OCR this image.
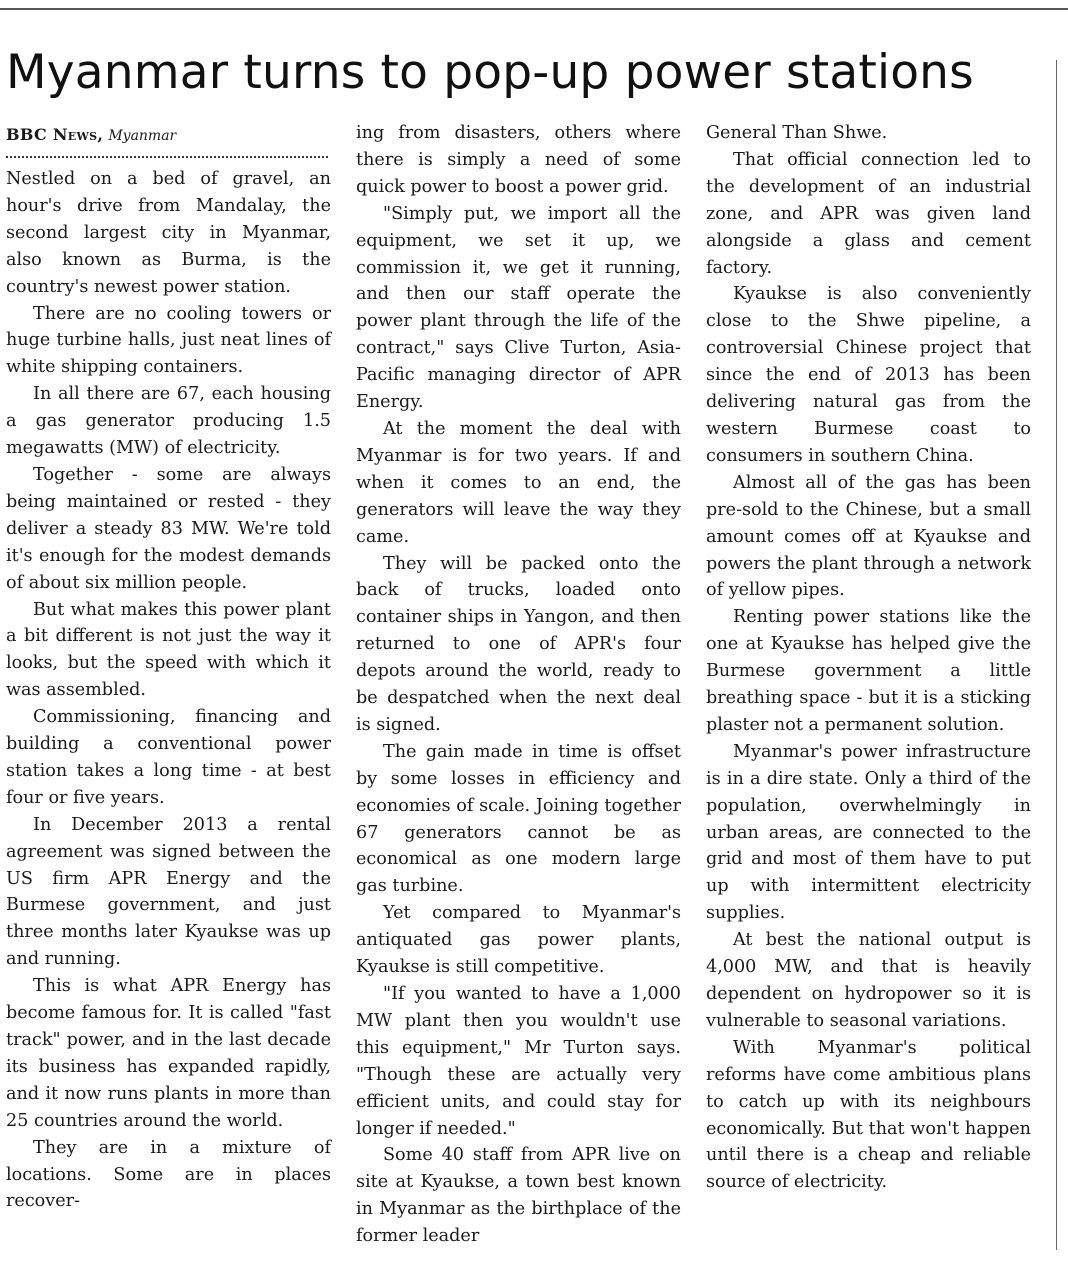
Myanmar turns to pop-up power stations
BBC News, Myanmar

Nestled on a bed of gravel, an hour's drive from Mandalay, the second largest city in Myanmar, also known as Burma, is the country's newest power station.

There are no cooling towers or huge turbine halls, just neat lines of white shipping containers.

In all there are 67, each housing a gas generator producing 1.5 megawatts (MW) of electricity.

Together - some are always being maintained or rested - they deliver a steady 83 MW. We're told it's enough for the modest demands of about six million people.

But what makes this power plant a bit different is not just the way it looks, but the speed with which it was assembled.

Commissioning, financing and building a conventional power station takes a long time - at best four or five years.

In December 2013 a rental agreement was signed between the US firm APR Energy and the Burmese government, and just three months later Kyaukse was up and running.

This is what APR Energy has become famous for. It is called "fast track" power, and in the last decade its business has expanded rapidly, and it now runs plants in more than 25 countries around the world.

They are in a mixture of locations. Some are in places recover-

ing from disasters, others where there is simply a need of some quick power to boost a power grid.

"Simply put, we import all the equipment, we set it up, we commission it, we get it running, and then our staff operate the power plant through the life of the contract," says Clive Turton, Asia-Pacific managing director of APR Energy.

At the moment the deal with Myanmar is for two years. If and when it comes to an end, the generators will leave the way they came.

They will be packed onto the back of trucks, loaded onto container ships in Yangon, and then returned to one of APR's four depots around the world, ready to be despatched when the next deal is signed.

The gain made in time is offset by some losses in efficiency and economies of scale. Joining together 67 generators cannot be as economical as one modern large gas turbine.

Yet compared to Myanmar's antiquated gas power plants, Kyaukse is still competitive.

"If you wanted to have a 1,000 MW plant then you wouldn't use this equipment," Mr Turton says. "Though these are actually very efficient units, and could stay for longer if needed."

Some 40 staff from APR live on site at Kyaukse, a town best known in Myanmar as the birthplace of the former leader

General Than Shwe.

That official connection led to the development of an industrial zone, and APR was given land alongside a glass and cement factory.

Kyaukse is also conveniently close to the Shwe pipeline, a controversial Chinese project that since the end of 2013 has been delivering natural gas from the western Burmese coast to consumers in southern China.

Almost all of the gas has been pre-sold to the Chinese, but a small amount comes off at Kyaukse and powers the plant through a network of yellow pipes.

Renting power stations like the one at Kyaukse has helped give the Burmese government a little breathing space - but it is a sticking plaster not a permanent solution.

Myanmar's power infrastructure is in a dire state. Only a third of the population, overwhelmingly in urban areas, are connected to the grid and most of them have to put up with intermittent electricity supplies.

At best the national output is 4,000 MW, and that is heavily dependent on hydropower so it is vulnerable to seasonal variations.

With Myanmar's political reforms have come ambitious plans to catch up with its neighbours economically. But that won't happen until there is a cheap and reliable source of electricity.
